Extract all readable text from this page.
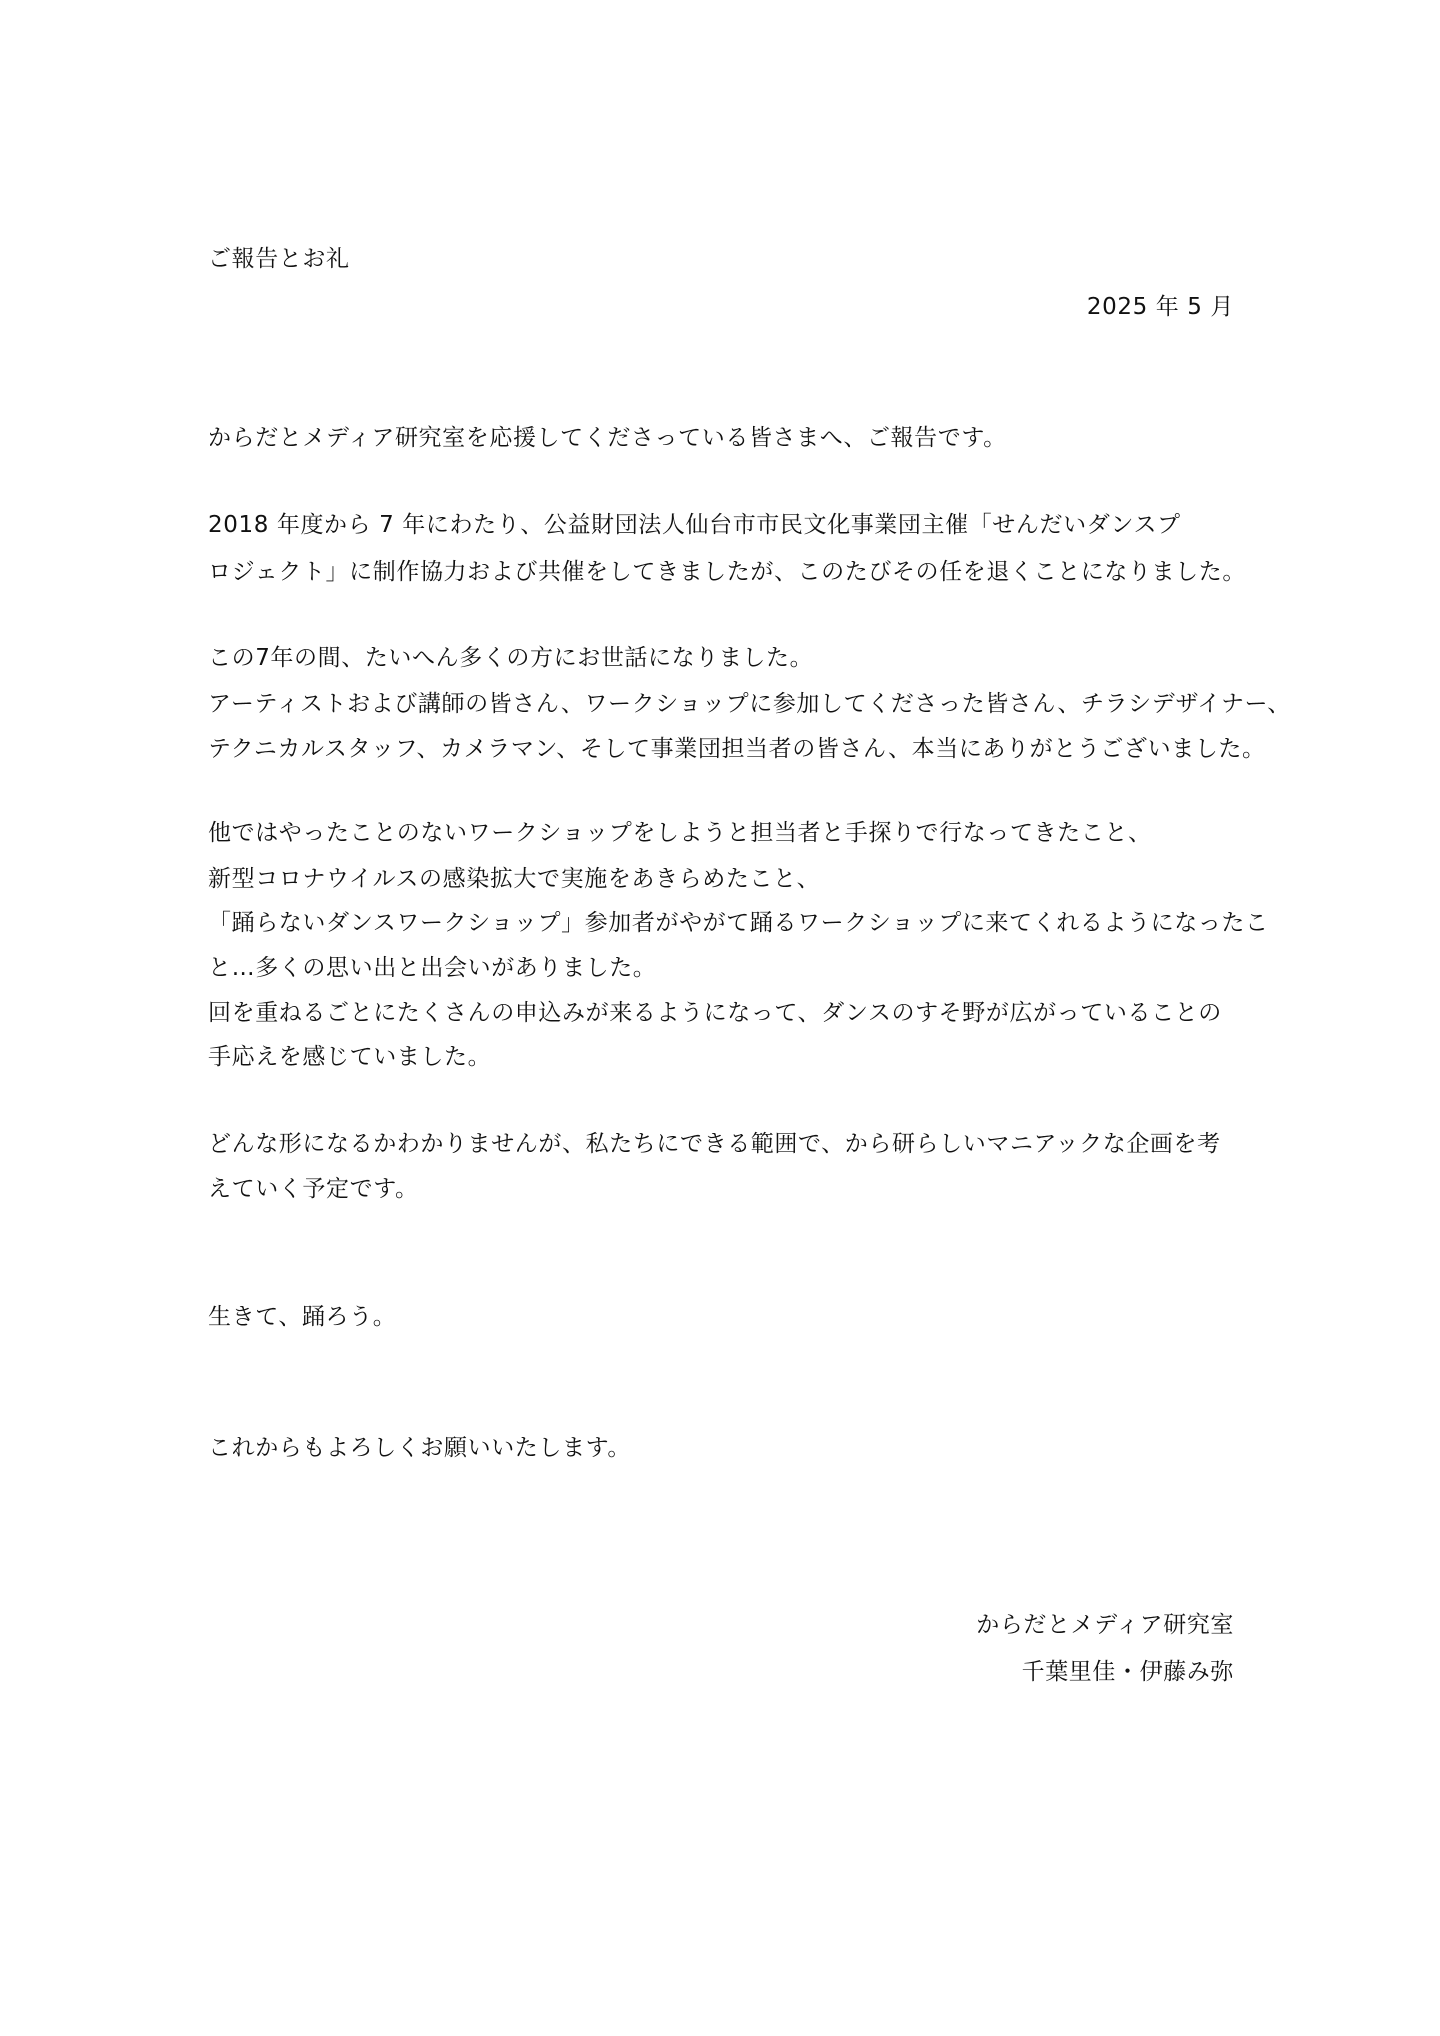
ご報告とお礼
2025 年 5 月
からだとメディア研究室を応援してくださっている皆さまへ、ご報告です。
2018 年度から 7 年にわたり、公益財団法人仙台市市民文化事業団主催「せんだいダンスプ
ロジェクト」に制作協力および共催をしてきましたが、このたびその任を退くことになりました。
この7年の間、たいへん多くの方にお世話になりました。
アーティストおよび講師の皆さん、ワークショップに参加してくださった皆さん、チラシデザイナー、
テクニカルスタッフ、カメラマン、そして事業団担当者の皆さん、本当にありがとうございました。
他ではやったことのないワークショップをしようと担当者と手探りで行なってきたこと、
新型コロナウイルスの感染拡大で実施をあきらめたこと、
「踊らないダンスワークショップ」参加者がやがて踊るワークショップに来てくれるようになったこ
と…多くの思い出と出会いがありました。
回を重ねるごとにたくさんの申込みが来るようになって、ダンスのすそ野が広がっていることの
手応えを感じていました。
どんな形になるかわかりませんが、私たちにできる範囲で、から研らしいマニアックな企画を考
えていく予定です。
生きて、踊ろう。
これからもよろしくお願いいたします。
からだとメディア研究室
千葉里佳・伊藤み弥
